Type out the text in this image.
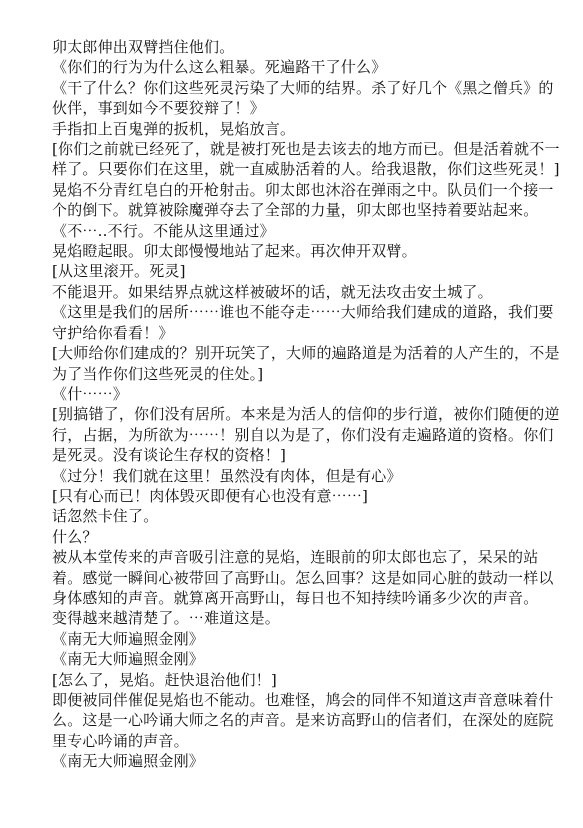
卯太郎伸出双臂挡住他们。

《你们的行为为什么这么粗暴。死遍路干了什么》

《干了什么？你们这些死灵污染了大师的结界。杀了好几个《黑之僧兵》的伙伴，事到如今不要狡辩了！》

手指扣上百鬼弹的扳机，晃焰放言。

[你们之前就已经死了，就是被打死也是去该去的地方而已。但是活着就不一样了。只要你们在这里，就一直威胁活着的人。给我退散，你们这些死灵！]

晃焰不分青红皂白的开枪射击。卯太郎也沐浴在弹雨之中。队员们一个接一个的倒下。就算被除魔弹夺去了全部的力量，卯太郎也坚持着要站起来。

《不⋯..不行。不能从这里通过》

晃焰瞪起眼。卯太郎慢慢地站了起来。再次伸开双臂。

[从这里滚开。死灵]

不能退开。如果结界点就这样被破坏的话，就无法攻击安土城了。

《这里是我们的居所⋯⋯谁也不能夺走⋯⋯大师给我们建成的道路，我们要守护给你看看！》

[大师给你们建成的？别开玩笑了，大师的遍路道是为活着的人产生的，不是为了当作你们这些死灵的住处。]

《什⋯⋯》

[别搞错了，你们没有居所。本来是为活人的信仰的步行道，被你们随便的逆行，占据，为所欲为⋯⋯！别自以为是了，你们没有走遍路道的资格。你们是死灵。没有谈论生存权的资格！]

《过分！我们就在这里！虽然没有肉体，但是有心》

[只有心而已！肉体毁灭即便有心也没有意⋯⋯]

话忽然卡住了。

什么？

被从本堂传来的声音吸引注意的晃焰，连眼前的卯太郎也忘了，呆呆的站着。感觉一瞬间心被带回了高野山。怎么回事？这是如同心脏的鼓动一样以身体感知的声音。就算离开高野山，每日也不知持续吟诵多少次的声音。

变得越来越清楚了。⋯难道这是。

《南无大师遍照金刚》

《南无大师遍照金刚》

[怎么了，晃焰。赶快退治他们！]

即便被同伴催促晃焰也不能动。也难怪，鸠会的同伴不知道这声音意味着什么。这是一心吟诵大师之名的声音。是来访高野山的信者们，在深处的庭院里专心吟诵的声音。

《南无大师遍照金刚》
